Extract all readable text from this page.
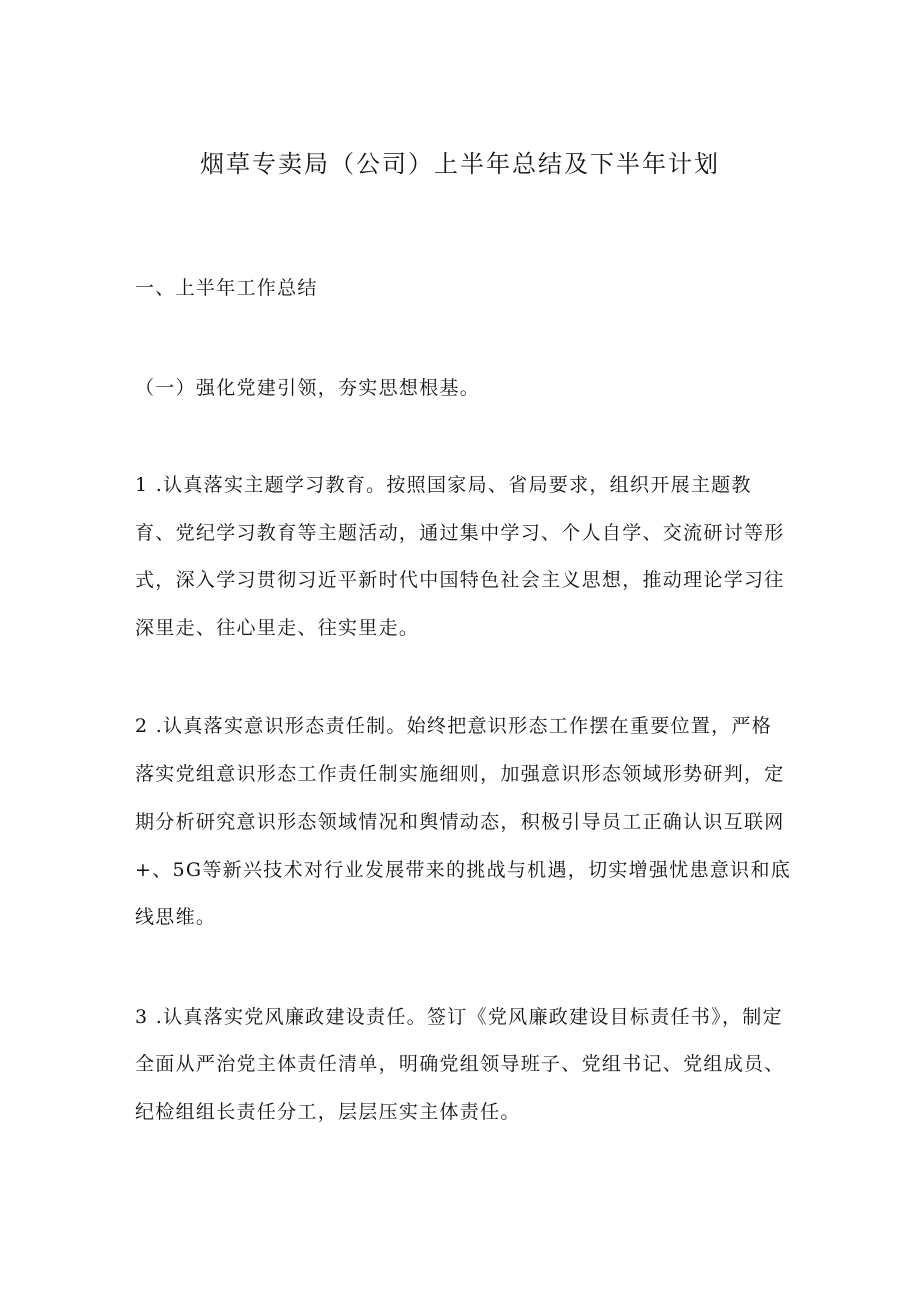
烟草专卖局（公司）上半年总结及下半年计划
一、上半年工作总结
（一）强化党建引领，夯实思想根基。
1 .认真落实主题学习教育。按照国家局、省局要求，组织开展主题教
育、党纪学习教育等主题活动，通过集中学习、个人自学、交流研讨等形
式，深入学习贯彻习近平新时代中国特色社会主义思想，推动理论学习往
深里走、往心里走、往实里走。
2 .认真落实意识形态责任制。始终把意识形态工作摆在重要位置，严格
落实党组意识形态工作责任制实施细则，加强意识形态领域形势研判，定
期分析研究意识形态领域情况和舆情动态，积极引导员工正确认识互联网
+、5G等新兴技术对行业发展带来的挑战与机遇，切实增强忧患意识和底
线思维。
3 .认真落实党风廉政建设责任。签订《党风廉政建设目标责任书》，制定
全面从严治党主体责任清单，明确党组领导班子、党组书记、党组成员、
纪检组组长责任分工，层层压实主体责任。
